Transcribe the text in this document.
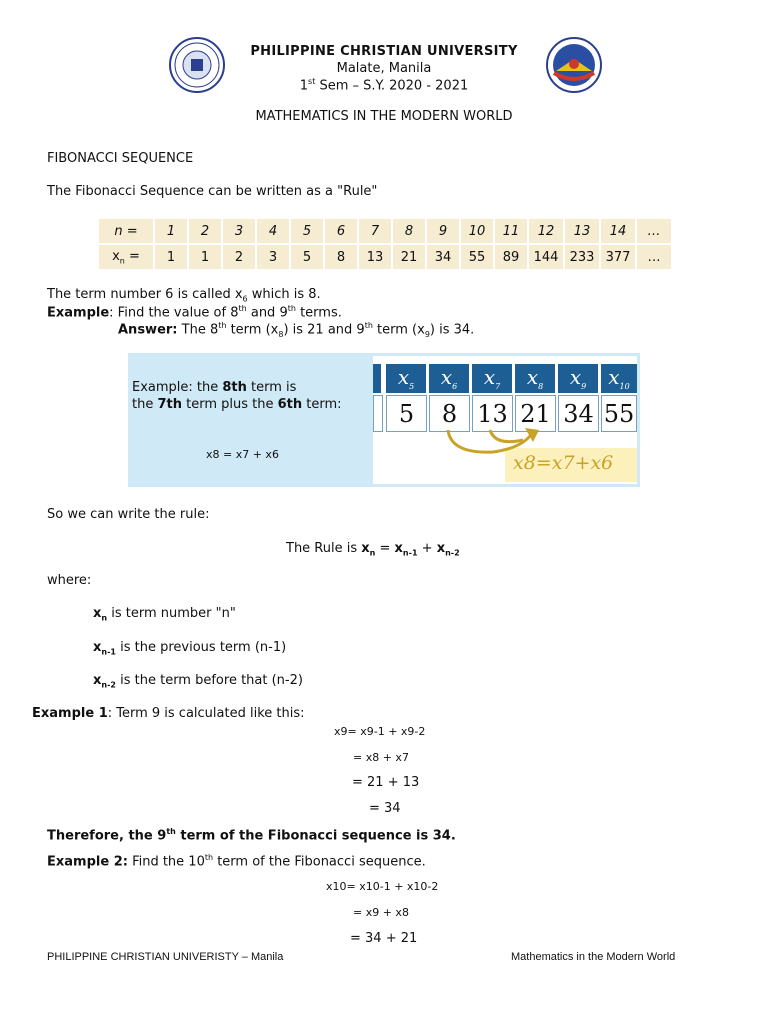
PHILIPPINE CHRISTIAN UNIVERSITY
Malate, Manila
1st Sem – S.Y. 2020 - 2021
MATHEMATICS IN THE MODERN WORLD
FIBONACCI SEQUENCE
The Fibonacci Sequence can be written as a "Rule"
n =	1	2	3	4	5	6	7	8	9	10	11	12	13	14	…
$x_n$ =	1	1	2	3	5	8	13	21	34	55	89	144	233	377	…
The term number 6 is called $x_6$ which is 8.
Example: Find the value of 8th and 9th terms.
Answer: The 8th term $(x_8)$ is 21 and 9th term $(x_9)$ is 34.
Example: the 8th term is
the 7th term plus the 6th term:
x8 = x7 + x6
$x_5$	$x_6$	$x_7$	$x_8$	$x_9$	$x_{10}$
5	8 13 21 34 55
x8=x7+x6
So we can write the rule:
The Rule is $x_n = x_{n-1} + x_{n-2}$
where:
$x_n$ is term number "n"
$x_{n-1}$ is the previous term (n-1)
$x_{n-2}$ is the term before that (n-2)
Example 1: Term 9 is calculated like this:
x9= x9-1 + x9-2
= x8 + x7
= 21 + 13
= 34
Therefore, the 9th term of the Fibonacci sequence is 34.
Example 2: Find the 10th term of the Fibonacci sequence.
x10= x10-1 + x10-2
= x9 + x8
= 34 + 21
PHILIPPINE CHRISTIAN UNIVERISTY – Manila	Mathematics in the Modern World
